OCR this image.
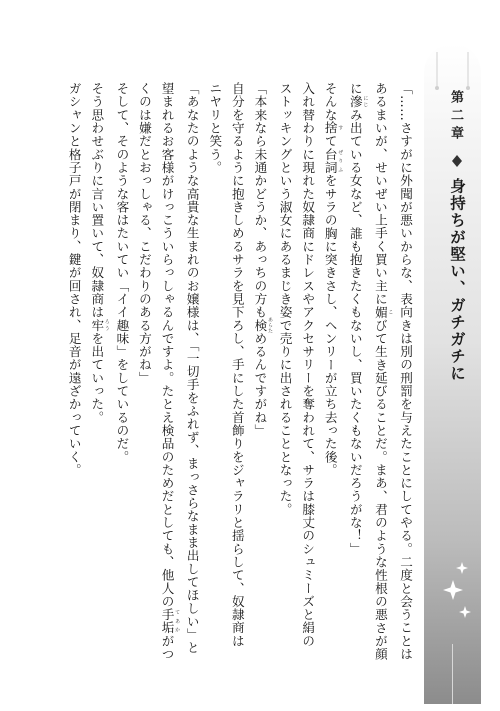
第二章
身持ちが堅い、ガチガチに

「……さすがに外聞が悪いからな、表向きは別の刑罰を与えたことにしてやる。二度と会うことは

あるまいが、せいぜい上手く買い主に媚 こびて生き延びることだ。まあ、君のような性根の悪さが顔

に滲 にじみ出ている女など、誰も抱きたくもないし、買いたくもないだろうがな！」

そんな捨 すて台詞 ぜりふをサラの胸に突きさし、ヘンリーが立ち去った後。

入れ替わりに現れた奴隷商にドレスやアクセサリーを奪われて、サラは膝丈のシュミーズと絹の

ストッキングという淑女にあるまじき姿で売りに出されることとなった。

「本来なら未通かどうか、あっちの方も検 あらためるんですがね」

自分を守るように抱きしめるサラを見下ろし、手にした首飾りをジャラリと揺らして、奴隷商は

ニヤリと笑う。

「あなたのような高貴な生まれのお嬢様は、「一切手をふれず、まっさらなまま出してほしい」と

望まれるお客様がけっこういらっしゃるんですよ。たとえ検品のためだとしても、他人の手垢 てあかがつ

くのは嫌だとおっしゃる、こだわりのある方がね」

そして、そのような客はたいてい「イイ趣味」をしているのだ。

そう思わせぶりに言い置いて、奴隷商は牢 ろうを出ていった。

ガシャンと格子戸が閉まり、鍵が回され、足音が遠ざかっていく。
